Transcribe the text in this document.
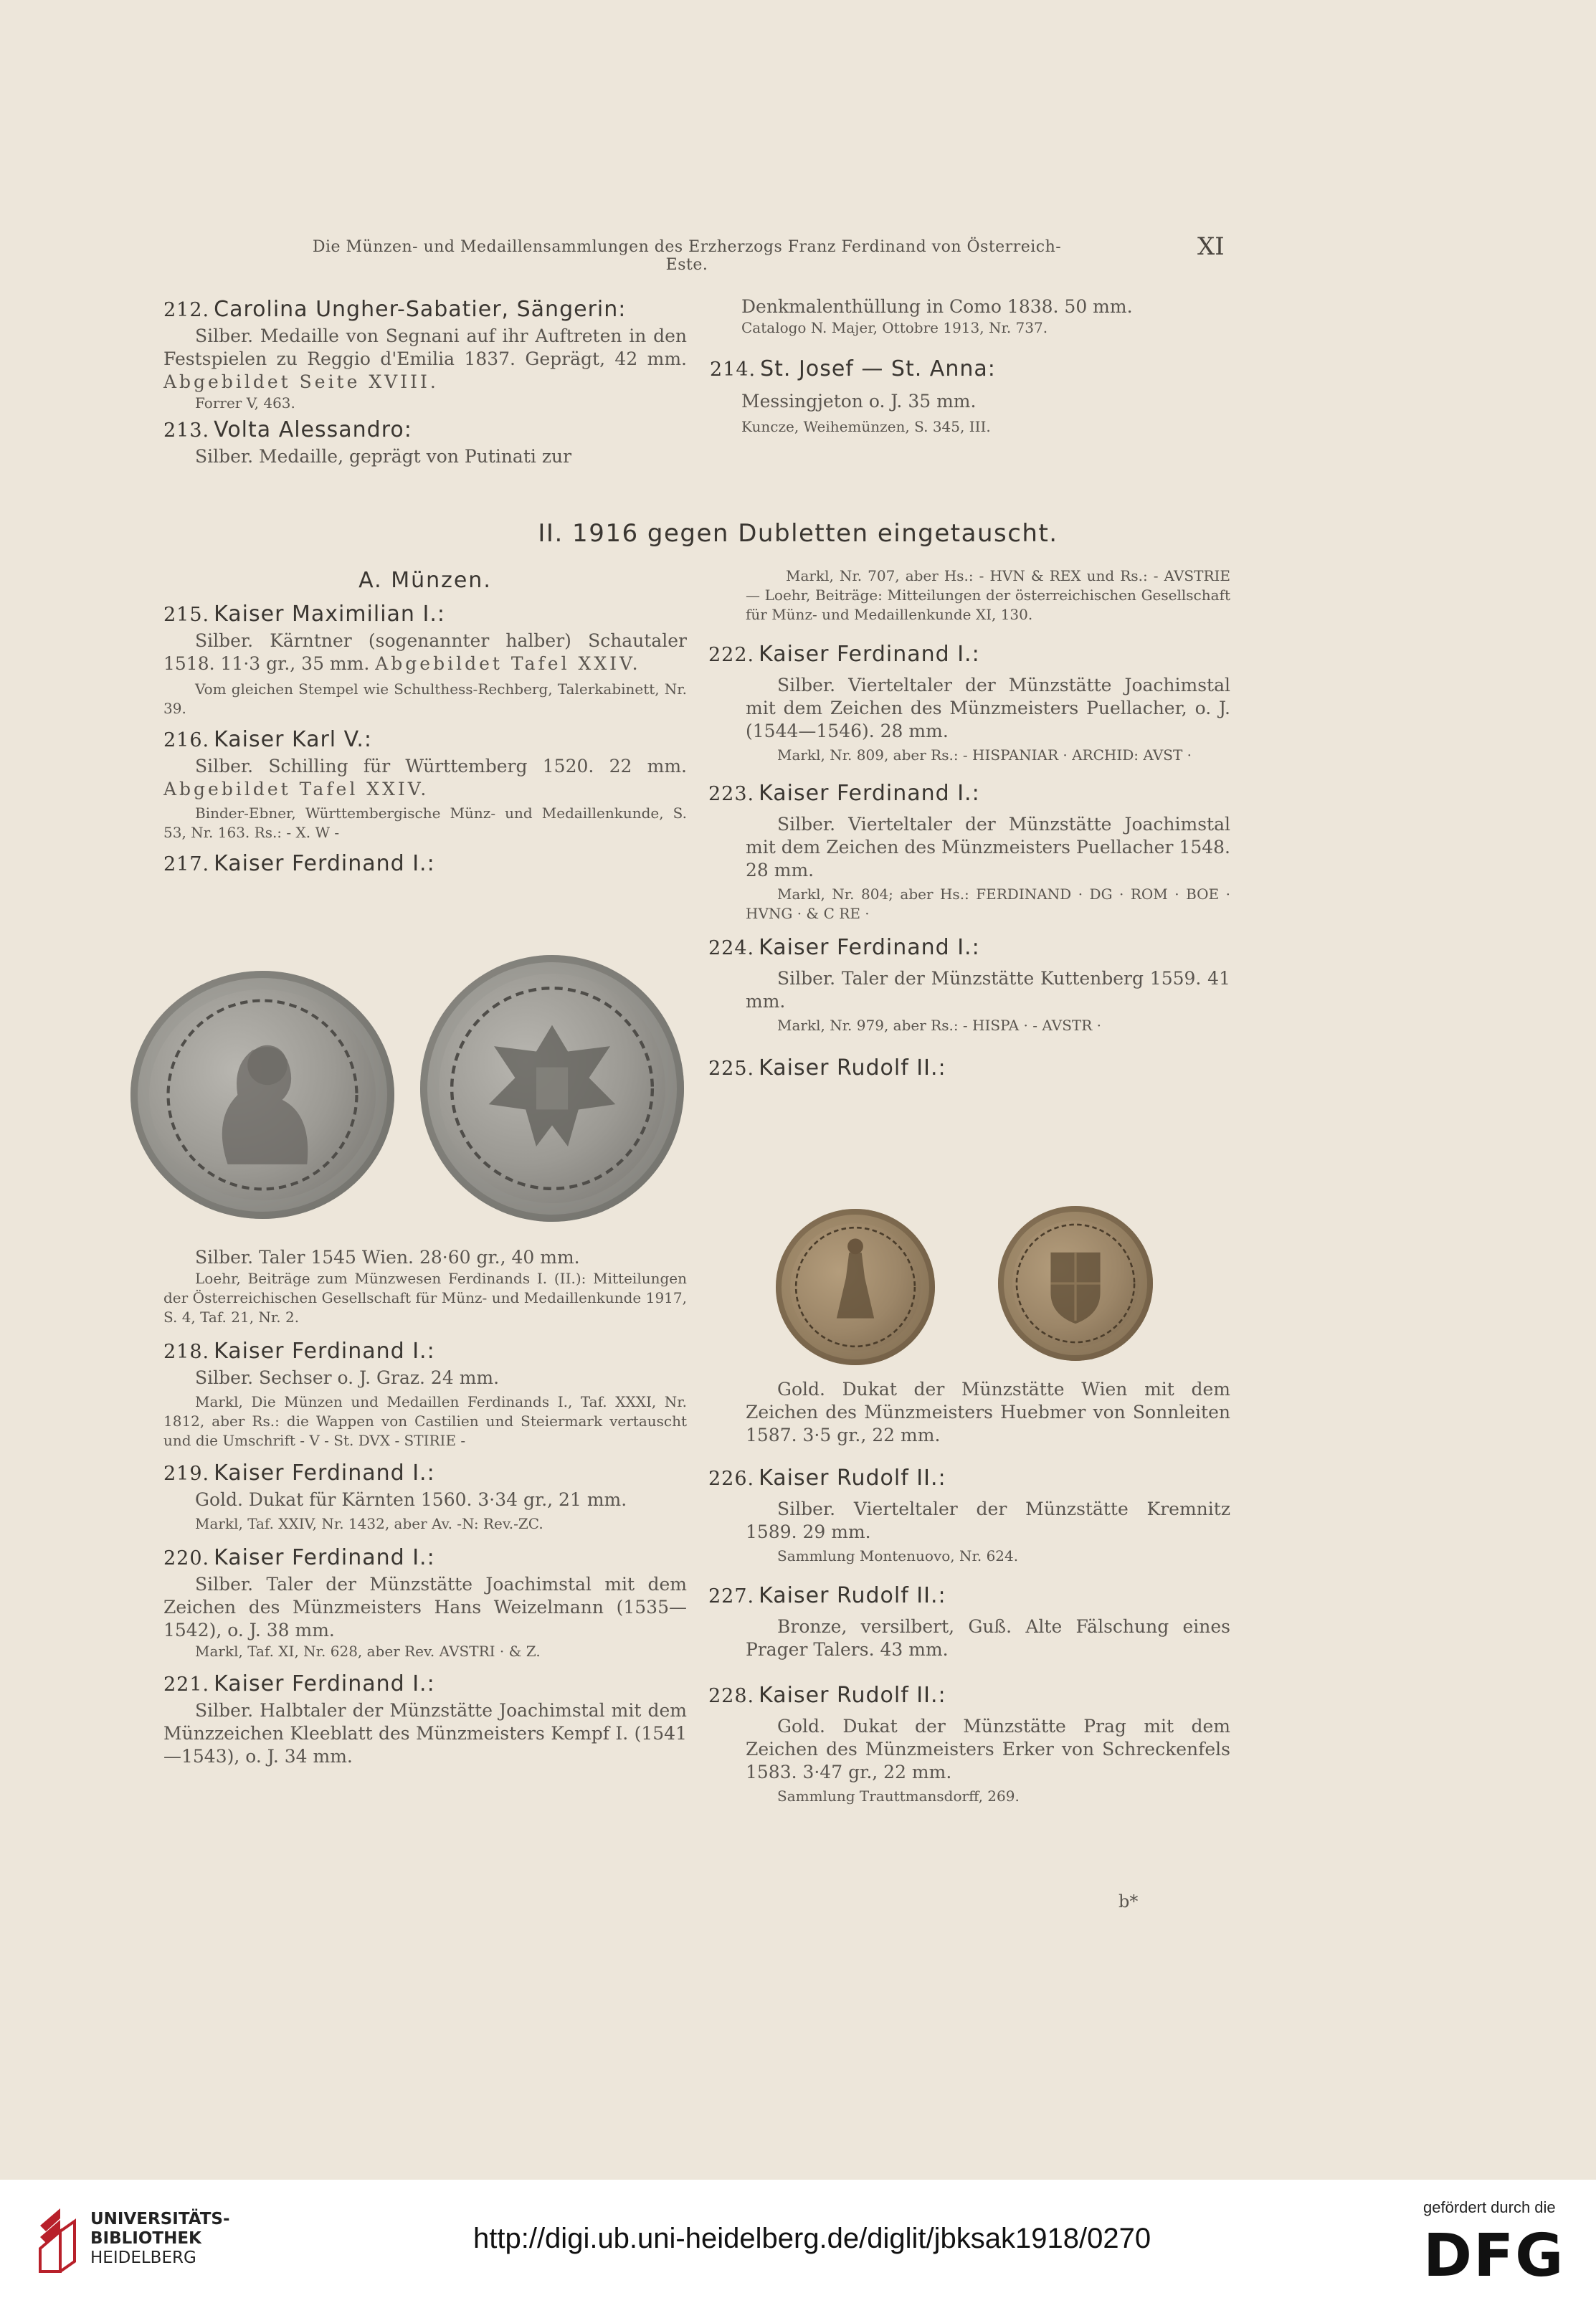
Die Münzen- und Medaillensammlungen des Erzherzogs Franz Ferdinand von Österreich-Este.
XI
212. Carolina Ungher-Sabatier, Sängerin:
Silber. Medaille von Segnani auf ihr Auftreten in den Festspielen zu Reggio d'Emilia 1837. Geprägt, 42 mm. Abgebildet Seite XVIII.
Forrer V, 463.
213. Volta Alessandro:
Silber. Medaille, geprägt von Putinati zur
Denkmalenthüllung in Como 1838. 50 mm.
Catalogo N. Majer, Ottobre 1913, Nr. 737.
214. St. Josef — St. Anna:
Messingjeton o. J. 35 mm.
Kuncze, Weihemünzen, S. 345, III.
II. 1916 gegen Dubletten eingetauscht.
A. Münzen.
215. Kaiser Maximilian I.:
Silber. Kärntner (sogenannter halber) Schautaler 1518. 11·3 gr., 35 mm. Abgebildet Tafel XXIV.
Vom gleichen Stempel wie Schulthess-Rechberg, Talerkabinett, Nr. 39.
216. Kaiser Karl V.:
Silber. Schilling für Württemberg 1520. 22 mm. Abgebildet Tafel XXIV.
Binder-Ebner, Württembergische Münz- und Medaillenkunde, S. 53, Nr. 163. Rs.: - X. W -
217. Kaiser Ferdinand I.:
Silber. Taler 1545 Wien. 28·60 gr., 40 mm.
Loehr, Beiträge zum Münzwesen Ferdinands I. (II.): Mitteilungen der Österreichischen Gesellschaft für Münz- und Medaillenkunde 1917, S. 4, Taf. 21, Nr. 2.
218. Kaiser Ferdinand I.:
Silber. Sechser o. J. Graz. 24 mm.
Markl, Die Münzen und Medaillen Ferdinands I., Taf. XXXI, Nr. 1812, aber Rs.: die Wappen von Castilien und Steiermark vertauscht und die Umschrift - V - St. DVX - STIRIE -
219. Kaiser Ferdinand I.:
Gold. Dukat für Kärnten 1560. 3·34 gr., 21 mm.
Markl, Taf. XXIV, Nr. 1432, aber Av. -N: Rev.-ZC.
220. Kaiser Ferdinand I.:
Silber. Taler der Münzstätte Joachimstal mit dem Zeichen des Münzmeisters Hans Weizelmann (1535—1542), o. J. 38 mm.
Markl, Taf. XI, Nr. 628, aber Rev. AVSTRI · & Z.
221. Kaiser Ferdinand I.:
Silber. Halbtaler der Münzstätte Joachimstal mit dem Münzzeichen Kleeblatt des Münzmeisters Kempf I. (1541—1543), o. J. 34 mm.
Markl, Nr. 707, aber Hs.: - HVN & REX und Rs.: - AVSTRIE — Loehr, Beiträge: Mitteilungen der österreichischen Gesellschaft für Münz- und Medaillenkunde XI, 130.
222. Kaiser Ferdinand I.:
Silber. Vierteltaler der Münzstätte Joachimstal mit dem Zeichen des Münzmeisters Puellacher, o. J. (1544—1546). 28 mm.
Markl, Nr. 809, aber Rs.: - HISPANIAR · ARCHID: AVST ·
223. Kaiser Ferdinand I.:
Silber. Vierteltaler der Münzstätte Joachimstal mit dem Zeichen des Münzmeisters Puellacher 1548. 28 mm.
Markl, Nr. 804; aber Hs.: FERDINAND · DG · ROM · BOE · HVNG · & C RE ·
224. Kaiser Ferdinand I.:
Silber. Taler der Münzstätte Kuttenberg 1559. 41 mm.
Markl, Nr. 979, aber Rs.: - HISPA · - AVSTR ·
225. Kaiser Rudolf II.:
Gold. Dukat der Münzstätte Wien mit dem Zeichen des Münzmeisters Huebmer von Sonnleiten 1587. 3·5 gr., 22 mm.
226. Kaiser Rudolf II.:
Silber. Vierteltaler der Münzstätte Kremnitz 1589. 29 mm.
Sammlung Montenuovo, Nr. 624.
227. Kaiser Rudolf II.:
Bronze, versilbert, Guß. Alte Fälschung eines Prager Talers. 43 mm.
228. Kaiser Rudolf II.:
Gold. Dukat der Münzstätte Prag mit dem Zeichen des Münzmeisters Erker von Schreckenfels 1583. 3·47 gr., 22 mm.
Sammlung Trauttmansdorff, 269.
b*
UNIVERSITÄTS-
BIBLIOTHEK
HEIDELBERG
http://digi.ub.uni-heidelberg.de/diglit/jbksak1918/0270
gefördert durch die
DFG
